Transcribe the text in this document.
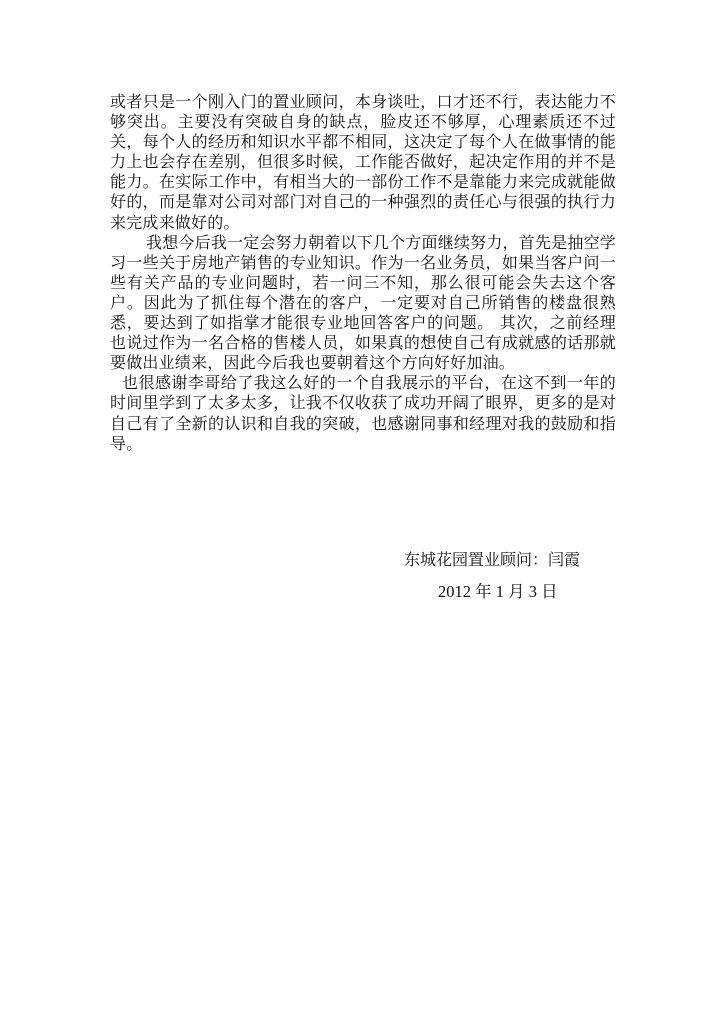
或者只是一个刚入门的置业顾问，本身谈吐，口才还不行，表达能力不够突出。主要没有突破自身的缺点，脸皮还不够厚，心理素质还不过关，每个人的经历和知识水平都不相同，这决定了每个人在做事情的能力上也会存在差别，但很多时候，工作能否做好，起决定作用的并不是能力。在实际工作中，有相当大的一部份工作不是靠能力来完成就能做好的，而是靠对公司对部门对自己的一种强烈的责任心与很强的执行力来完成来做好的。

我想今后我一定会努力朝着以下几个方面继续努力，首先是抽空学习一些关于房地产销售的专业知识。作为一名业务员，如果当客户问一些有关产品的专业问题时，若一问三不知，那么很可能会失去这个客户。因此为了抓住每个潜在的客户，一定要对自己所销售的楼盘很熟悉，要达到了如指掌才能很专业地回答客户的问题。 其次，之前经理也说过作为一名合格的售楼人员，如果真的想使自己有成就感的话那就要做出业绩来，因此今后我也要朝着这个方向好好加油。

也很感谢李哥给了我这么好的一个自我展示的平台，在这不到一年的时间里学到了太多太多，让我不仅收获了成功开阔了眼界，更多的是对自己有了全新的认识和自我的突破，也感谢同事和经理对我的鼓励和指导。

东城花园置业顾问：闫霞
2012 年 1 月 3 日
